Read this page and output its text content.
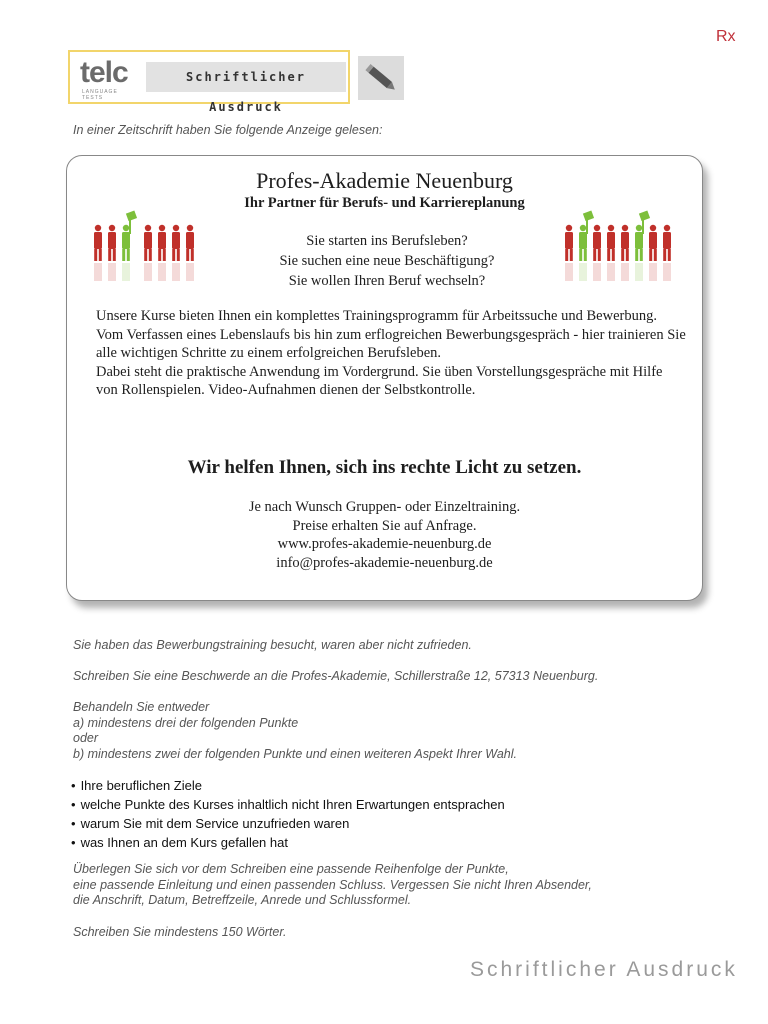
Rx
telc
LANGUAGE TESTS
Schriftlicher Ausdruck
In einer Zeitschrift haben Sie folgende Anzeige gelesen:
Profes-Akademie Neuenburg
Ihr Partner für Berufs- und Karriereplanung
Sie starten ins Berufsleben?
Sie suchen eine neue Beschäftigung?
Sie wollen Ihren Beruf wechseln?

Unsere Kurse bieten Ihnen ein komplettes Trainingsprogramm für Arbeitssuche und Bewerbung.

Vom Verfassen eines Lebenslaufs bis hin zum erflogreichen Bewerbungsgespräch - hier trainieren Sie alle wichtigen Schritte zu einem erfolgreichen Berufsleben.

Dabei steht die praktische Anwendung im Vordergrund. Sie üben Vorstellungsgespräche mit Hilfe von Rollenspielen. Video-Aufnahmen dienen der Selbstkontrolle.

Wir helfen Ihnen, sich ins rechte Licht zu setzen.
Je nach Wunsch Gruppen- oder Einzeltraining.
Preise erhalten Sie auf Anfrage.
www.profes-akademie-neuenburg.de
info@profes-akademie-neuenburg.de
Sie haben das Bewerbungstraining besucht, waren aber nicht zufrieden.
Schreiben Sie eine Beschwerde an die Profes-Akademie, Schillerstraße 12, 57313 Neuenburg.
Behandeln Sie entweder
a) mindestens drei der folgenden Punkte
oder
b) mindestens zwei der folgenden Punkte und einen weiteren Aspekt Ihrer Wahl.
• Ihre beruflichen Ziele
• welche Punkte des Kurses inhaltlich nicht Ihren Erwartungen entsprachen
• warum Sie mit dem Service unzufrieden waren
• was Ihnen an dem Kurs gefallen hat
Überlegen Sie sich vor dem Schreiben eine passende Reihenfolge der Punkte,
eine passende Einleitung und einen passenden Schluss. Vergessen Sie nicht Ihren Absender,
die Anschrift, Datum, Betreffzeile, Anrede und Schlussformel.
Schreiben Sie mindestens 150 Wörter.
Schriftlicher Ausdruck
